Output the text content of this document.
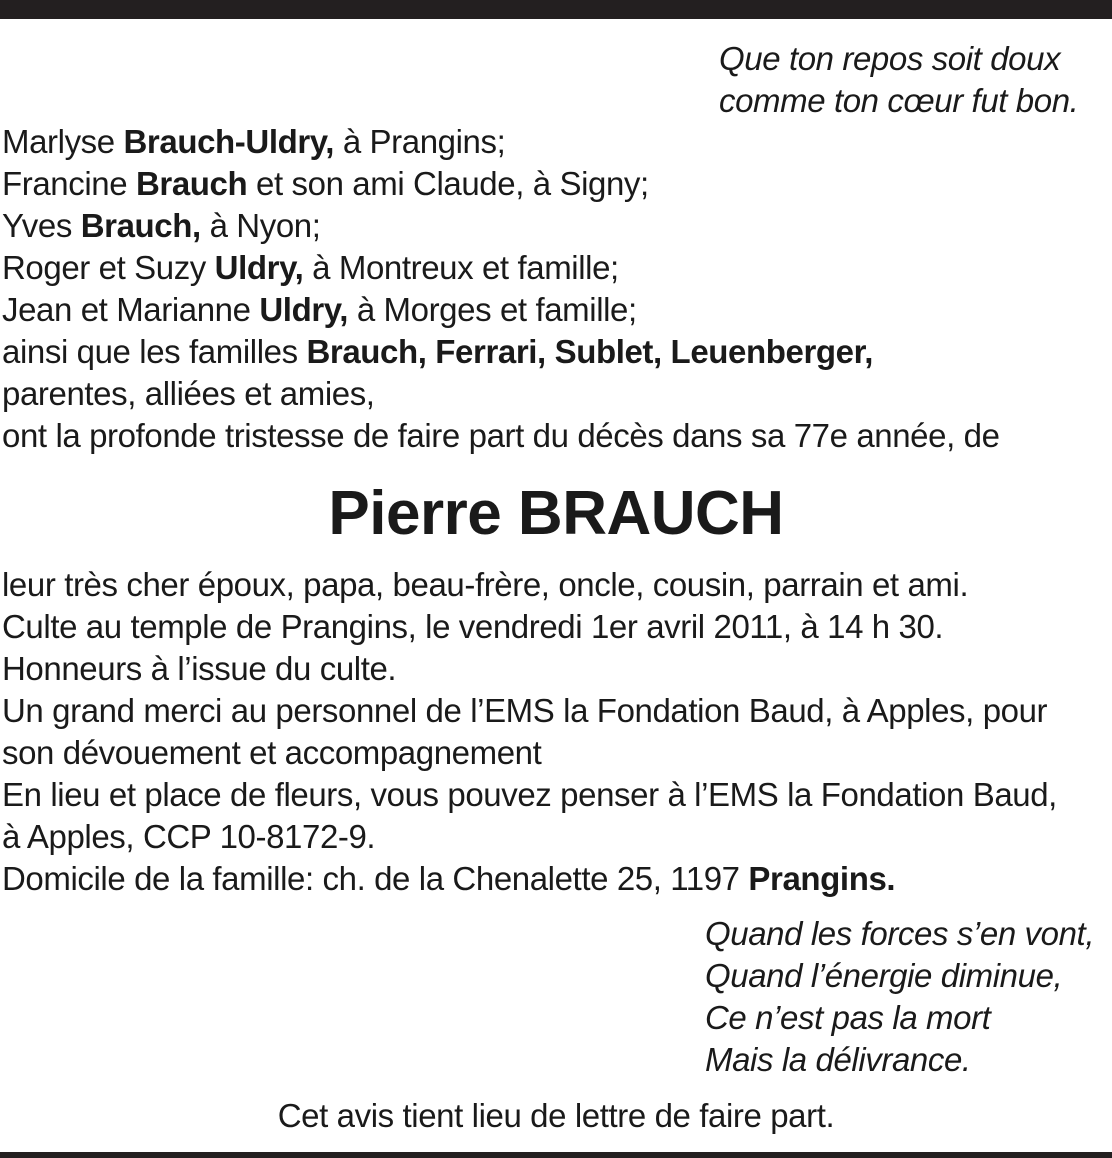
Que ton repos soit doux
comme ton cœur fut bon.
Marlyse Brauch-Uldry, à Prangins;
Francine Brauch et son ami Claude, à Signy;
Yves Brauch, à Nyon;
Roger et Suzy Uldry, à Montreux et famille;
Jean et Marianne Uldry, à Morges et famille;
ainsi que les familles Brauch, Ferrari, Sublet, Leuenberger,
parentes, alliées et amies,
ont la profonde tristesse de faire part du décès dans sa 77e année, de
Pierre BRAUCH
leur très cher époux, papa, beau-frère, oncle, cousin, parrain et ami.
Culte au temple de Prangins, le vendredi 1er avril 2011, à 14 h 30.
Honneurs à l’issue du culte.
Un grand merci au personnel de l’EMS la Fondation Baud, à Apples, pour
son dévouement et accompagnement
En lieu et place de fleurs, vous pouvez penser à l’EMS la Fondation Baud,
à Apples, CCP 10-8172-9.
Domicile de la famille: ch. de la Chenalette 25, 1197 Prangins.
Quand les forces s’en vont,
Quand l’énergie diminue,
Ce n’est pas la mort
Mais la délivrance.
Cet avis tient lieu de lettre de faire part.
